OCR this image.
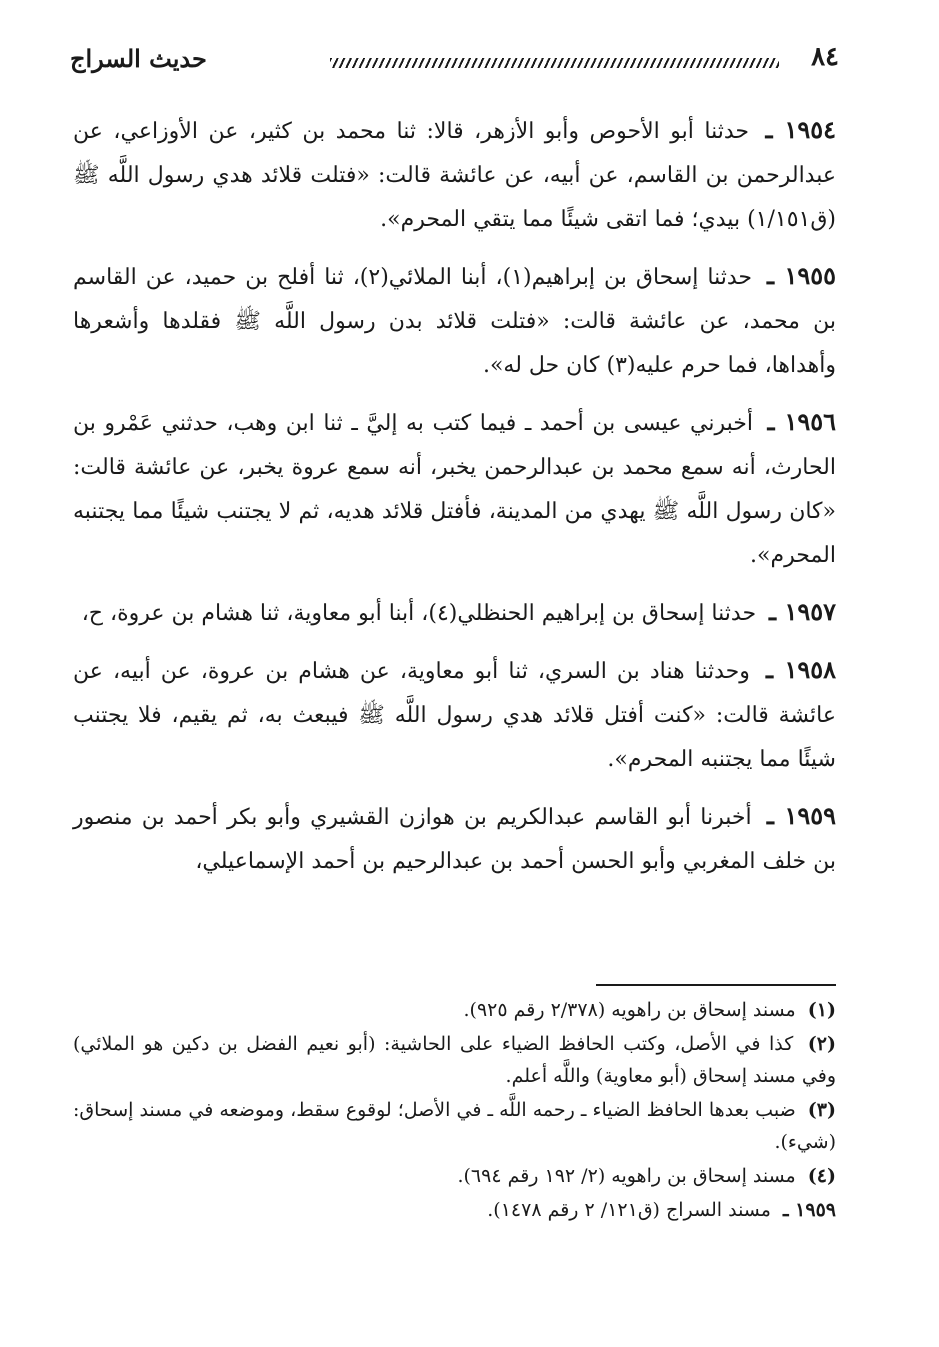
٨٤
حديث السراج

١٩٥٤ ـ حدثنا أبو الأحوص وأبو الأزهر، قالا: ثنا محمد بن كثير، عن الأوزاعي، عن عبدالرحمن بن القاسم، عن أبيه، عن عائشة قالت: «فتلت قلائد هدي رسول اللَّه ﷺ (ق١/١٥١) بيدي؛ فما اتقى شيئًا مما يتقي المحرم».

١٩٥٥ ـ حدثنا إسحاق بن إبراهيم(١)، أبنا الملائي(٢)، ثنا أفلح بن حميد، عن القاسم بن محمد، عن عائشة قالت: «فتلت قلائد بدن رسول اللَّه ﷺ فقلدها وأشعرها وأهداها، فما حرم عليه(٣) كان حل له».

١٩٥٦ ـ أخبرني عيسى بن أحمد ـ فيما كتب به إليَّ ـ ثنا ابن وهب، حدثني عَمْرو بن الحارث، أنه سمع محمد بن عبدالرحمن يخبر، أنه سمع عروة يخبر، عن عائشة قالت: «كان رسول اللَّه ﷺ يهدي من المدينة، فأفتل قلائد هديه، ثم لا يجتنب شيئًا مما يجتنبه المحرم».

١٩٥٧ ـ حدثنا إسحاق بن إبراهيم الحنظلي(٤)، أبنا أبو معاوية، ثنا هشام بن عروة، ح،

١٩٥٨ ـ وحدثنا هناد بن السري، ثنا أبو معاوية، عن هشام بن عروة، عن أبيه، عن عائشة قالت: «كنت أفتل قلائد هدي رسول اللَّه ﷺ فيبعث به، ثم يقيم، فلا يجتنب شيئًا مما يجتنبه المحرم».

١٩٥٩ ـ أخبرنا أبو القاسم عبدالكريم بن هوازن القشيري وأبو بكر أحمد بن منصور بن خلف المغربي وأبو الحسن أحمد بن عبدالرحيم بن أحمد الإسماعيلي،

(١) مسند إسحاق بن راهويه (٢/٣٧٨ رقم ٩٢٥).

(٢) كذا في الأصل، وكتب الحافظ الضياء على الحاشية: (أبو نعيم الفضل بن دكين هو الملائي) وفي مسند إسحاق (أبو معاوية) واللَّه أعلم.

(٣) ضبب بعدها الحافظ الضياء ـ رحمه اللَّه ـ في الأصل؛ لوقوع سقط، وموضعه في مسند إسحاق: (شيء).

(٤) مسند إسحاق بن راهويه (٢/ ١٩٢ رقم ٦٩٤).

١٩٥٩ ـ مسند السراج (ق١٢١/ ٢ رقم ١٤٧٨).
